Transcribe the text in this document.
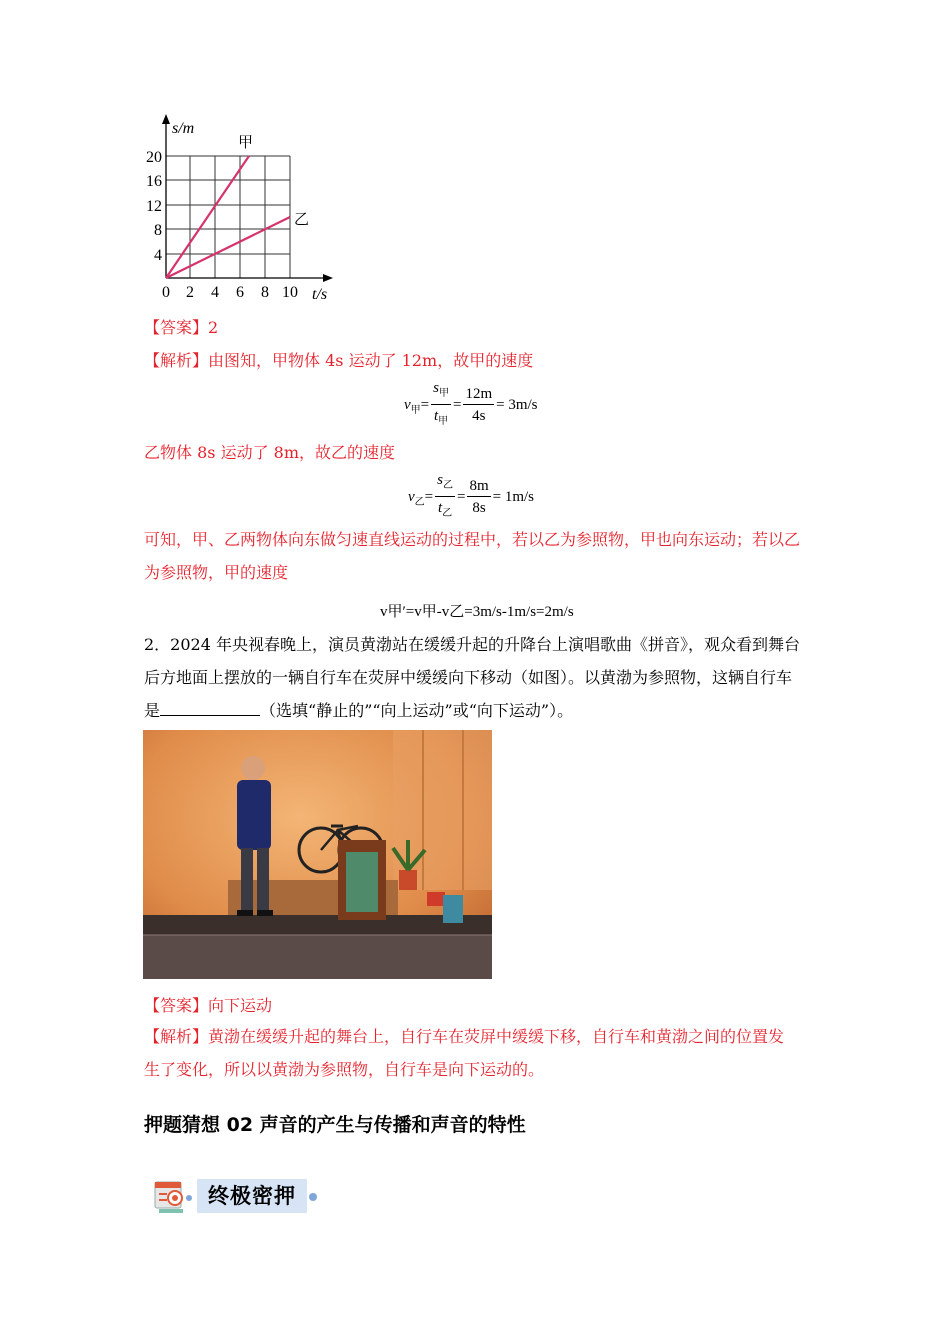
s/m
t/s
20
16
12
8
4
0 2 4 6 8 10
甲
乙
【答案】2
【解析】由图知，甲物体 4s 运动了 12m，故甲的速度
$v_甲= \frac{s_甲}{t_甲} = \frac{12m}{4s} = 3m/s$
乙物体 8s 运动了 8m，故乙的速度
$v_乙= \frac{s_乙}{t_乙} = \frac{8m}{8s} = 1m/s$
可知，甲、乙两物体向东做匀速直线运动的过程中，若以乙为参照物，甲也向东运动；若以乙为参照物，甲的速度
v甲′=v甲-v乙=3m/s-1m/s=2m/s
2．2024 年央视春晚上，演员黄渤站在缓缓升起的升降台上演唱歌曲《拼音》，观众看到舞台后方地面上摆放的一辆自行车在荧屏中缓缓向下移动（如图）。以黄渤为参照物，这辆自行车是	（选填“静止的”“向上运动”或“向下运动”）。
【答案】向下运动
【解析】黄渤在缓缓升起的舞台上，自行车在荧屏中缓缓下移，自行车和黄渤之间的位置发生了变化，所以以黄渤为参照物，自行车是向下运动的。
押题猜想 02 声音的产生与传播和声音的特性
终极密押
